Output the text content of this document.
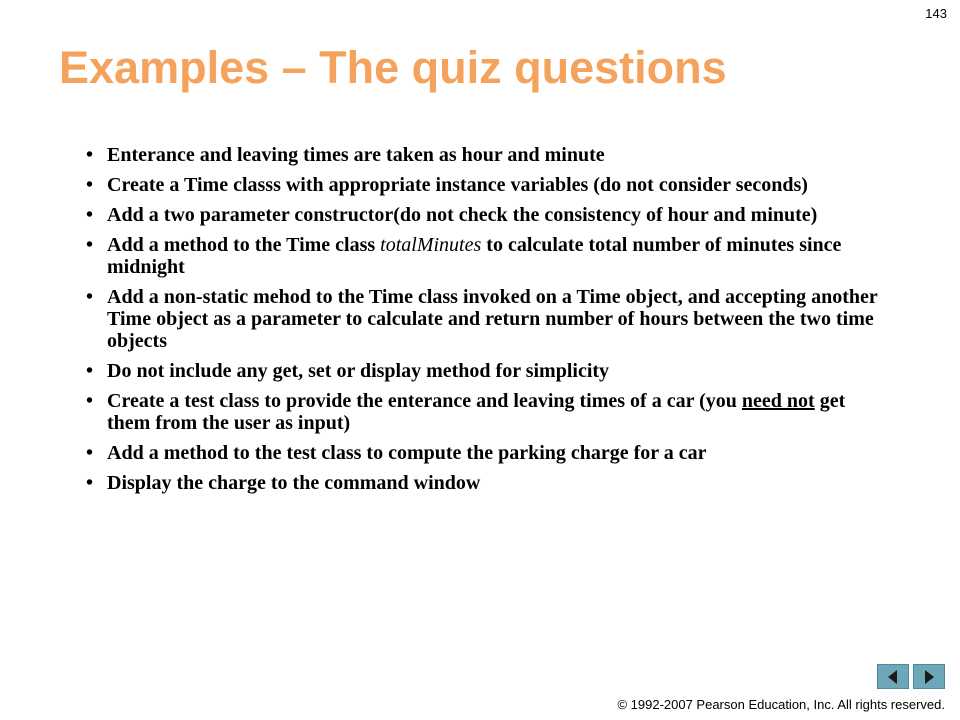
143
Examples – The quiz questions
• Enterance and leaving times are taken as hour and minute
• Create a Time classs with appropriate instance variables (do not consider seconds)
• Add a two parameter constructor(do not check the consistency of hour and minute)
• Add a method to the Time class totalMinutes to calculate total number of minutes since midnight
• Add a non-static mehod to the Time class invoked on a Time object, and accepting another Time object as a parameter to calculate and return number of hours between the two time objects
• Do not include any get, set or display method for simplicity
• Create a test class to provide the enterance and leaving times of a car (you need not get them from the user as input)
• Add a method to the test class to compute the parking charge for a car
• Display the charge to the command window
© 1992-2007 Pearson Education, Inc. All rights reserved.
